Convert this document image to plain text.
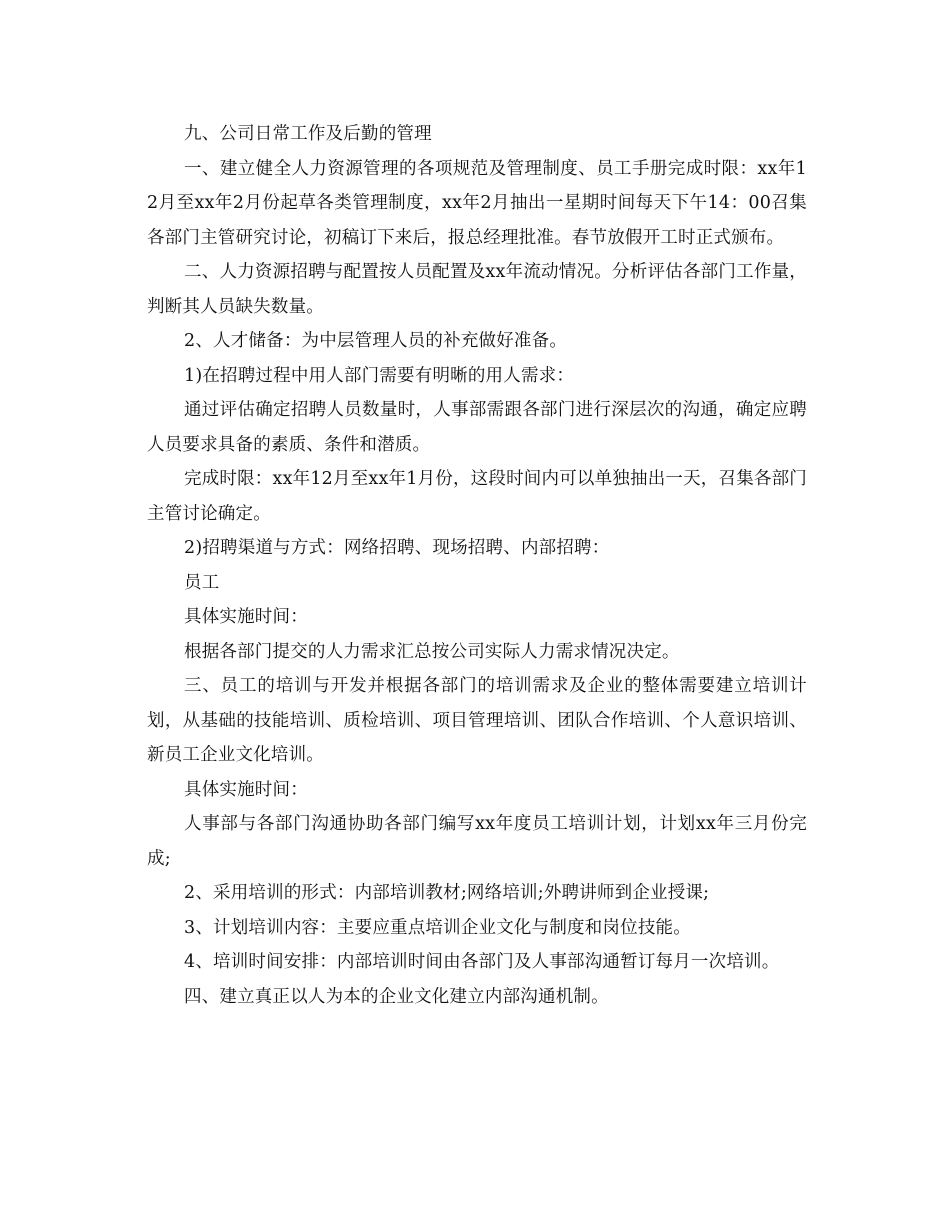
九、公司日常工作及后勤的管理

一、建立健全人力资源管理的各项规范及管理制度、员工手册完成时限：xx年12月至xx年2月份起草各类管理制度，xx年2月抽出一星期时间每天下午14：00召集各部门主管研究讨论，初稿订下来后，报总经理批准。春节放假开工时正式颁布。

二、人力资源招聘与配置按人员配置及xx年流动情况。分析评估各部门工作量，判断其人员缺失数量。

2、人才储备：为中层管理人员的补充做好准备。

1)在招聘过程中用人部门需要有明晰的用人需求：

通过评估确定招聘人员数量时，人事部需跟各部门进行深层次的沟通，确定应聘人员要求具备的素质、条件和潜质。

完成时限：xx年12月至xx年1月份，这段时间内可以单独抽出一天，召集各部门主管讨论确定。

2)招聘渠道与方式：网络招聘、现场招聘、内部招聘：

员工

具体实施时间：

根据各部门提交的人力需求汇总按公司实际人力需求情况决定。

三、员工的培训与开发并根据各部门的培训需求及企业的整体需要建立培训计划，从基础的技能培训、质检培训、项目管理培训、团队合作培训、个人意识培训、新员工企业文化培训。

具体实施时间：

人事部与各部门沟通协助各部门编写xx年度员工培训计划，计划xx年三月份完成;

2、采用培训的形式：内部培训教材;网络培训;外聘讲师到企业授课;

3、计划培训内容：主要应重点培训企业文化与制度和岗位技能。

4、培训时间安排：内部培训时间由各部门及人事部沟通暂订每月一次培训。

四、建立真正以人为本的企业文化建立内部沟通机制。
